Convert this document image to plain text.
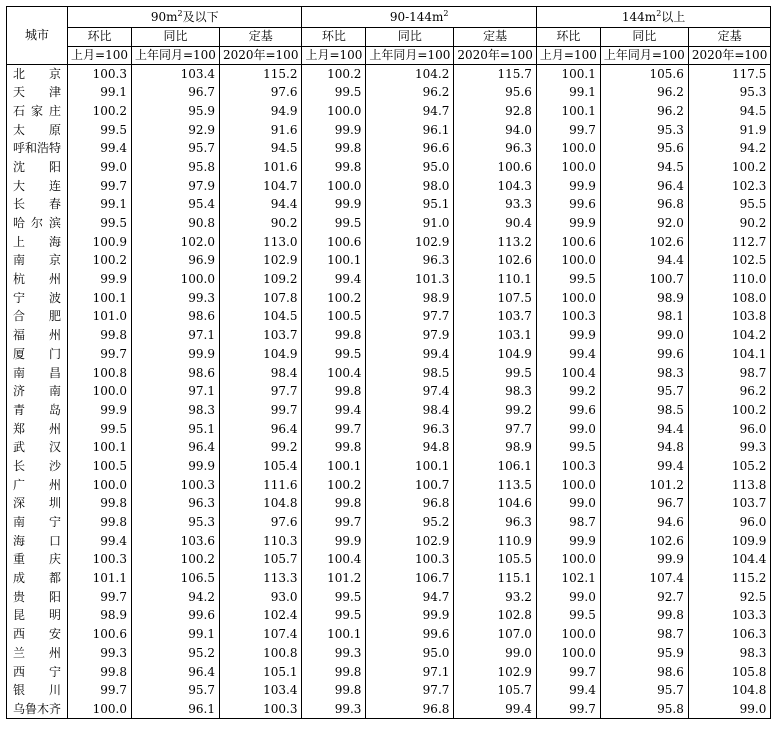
城市	$90m^2$及以下			$90-144m^2$			$144m^2$以上		
	环比	同比	定基	环比	同比	定基	环比	同比	定基
	上月=100	上年同月=100	2020年=100	上月=100	上年同月=100	2020年=100	上月=100	上年同月=100	2020年=100
北京	100.3	103.4	115.2	100.2	104.2	115.7	100.1	105.6	117.5
天津	99.1	96.7	97.6	99.5	96.2	95.6	99.1	96.2	95.3
石家庄	100.2	95.9	94.9	100.0	94.7	92.8	100.1	96.2	94.5
太原	99.5	92.9	91.6	99.9	96.1	94.0	99.7	95.3	91.9
呼和浩特	99.4	95.7	94.5	99.8	96.6	96.3	100.0	95.6	94.2
沈阳	99.0	95.8	101.6	99.8	95.0	100.6	100.0	94.5	100.2
大连	99.7	97.9	104.7	100.0	98.0	104.3	99.9	96.4	102.3
长春	99.1	95.4	94.4	99.9	95.1	93.3	99.6	96.8	95.5
哈尔滨	99.5	90.8	90.2	99.5	91.0	90.4	99.9	92.0	90.2
上海	100.9	102.0	113.0	100.6	102.9	113.2	100.6	102.6	112.7
南京	100.2	96.9	102.9	100.1	96.3	102.6	100.0	94.4	102.5
杭州	99.9	100.0	109.2	99.4	101.3	110.1	99.5	100.7	110.0
宁波	100.1	99.3	107.8	100.2	98.9	107.5	100.0	98.9	108.0
合肥	101.0	98.6	104.5	100.5	97.7	103.7	100.3	98.1	103.8
福州	99.8	97.1	103.7	99.8	97.9	103.1	99.9	99.0	104.2
厦门	99.7	99.9	104.9	99.5	99.4	104.9	99.4	99.6	104.1
南昌	100.8	98.6	98.4	100.4	98.5	99.5	100.4	98.3	98.7
济南	100.0	97.1	97.7	99.8	97.4	98.3	99.2	95.7	96.2
青岛	99.9	98.3	99.7	99.4	98.4	99.2	99.6	98.5	100.2
郑州	99.5	95.1	96.4	99.7	96.3	97.7	99.0	94.4	96.0
武汉	100.1	96.4	99.2	99.8	94.8	98.9	99.5	94.8	99.3
长沙	100.5	99.9	105.4	100.1	100.1	106.1	100.3	99.4	105.2
广州	100.0	100.3	111.6	100.2	100.7	113.5	100.0	101.2	113.8
深圳	99.8	96.3	104.8	99.8	96.8	104.6	99.0	96.7	103.7
南宁	99.8	95.3	97.6	99.7	95.2	96.3	98.7	94.6	96.0
海口	99.4	103.6	110.3	99.9	102.9	110.9	99.9	102.6	109.9
重庆	100.3	100.2	105.7	100.4	100.3	105.5	100.0	99.9	104.4
成都	101.1	106.5	113.3	101.2	106.7	115.1	102.1	107.4	115.2
贵阳	99.7	94.2	93.0	99.5	94.7	93.2	99.0	92.7	92.5
昆明	98.9	99.6	102.4	99.5	99.9	102.8	99.5	99.8	103.3
西安	100.6	99.1	107.4	100.1	99.6	107.0	100.0	98.7	106.3
兰州	99.3	95.2	100.8	99.3	95.0	99.0	100.0	95.9	98.3
西宁	99.8	96.4	105.1	99.8	97.1	102.9	99.7	98.6	105.8
银川	99.7	95.7	103.4	99.8	97.7	105.7	99.4	95.7	104.8
乌鲁木齐	100.0	96.1	100.3	99.3	96.8	99.4	99.7	95.8	99.0
